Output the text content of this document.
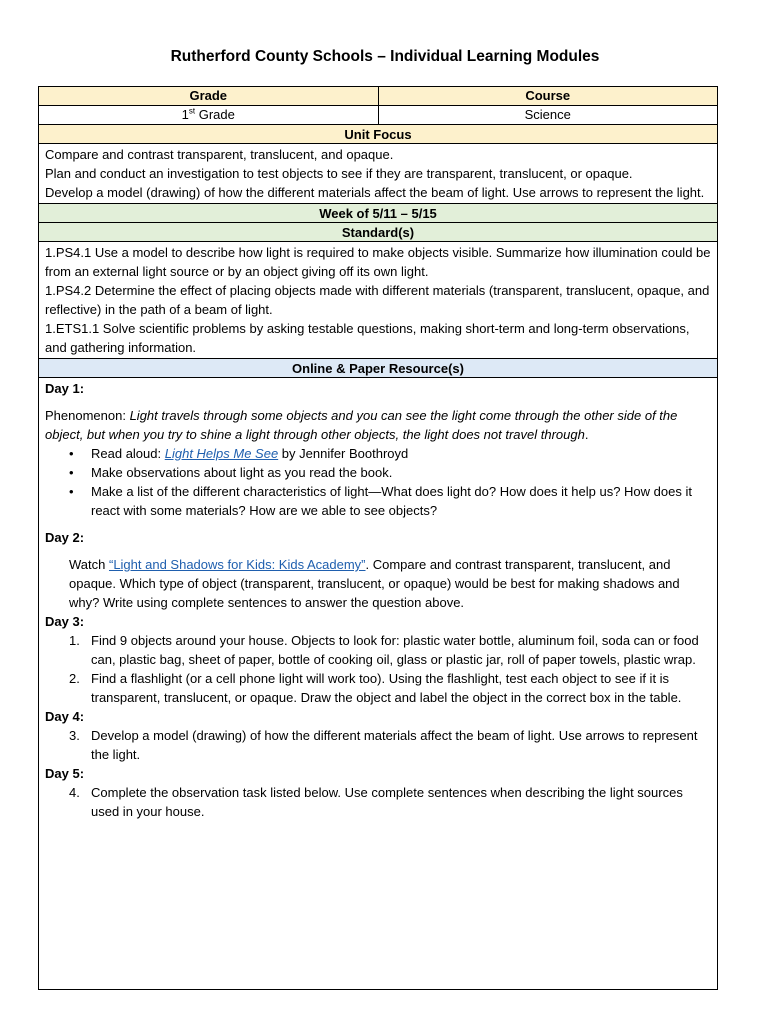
Rutherford County Schools – Individual Learning Modules
Grade	Course
1st Grade	Science
Unit Focus

Compare and contrast transparent, translucent, and opaque.

Plan and conduct an investigation to test objects to see if they are transparent, translucent, or opaque.

Develop a model (drawing) of how the different materials affect the beam of light. Use arrows to represent the light.

Week of 5/11 – 5/15
Standard(s)

1.PS4.1 Use a model to describe how light is required to make objects visible. Summarize how illumination could be from an external light source or by an object giving off its own light.

1.PS4.2 Determine the effect of placing objects made with different materials (transparent, translucent, opaque, and reflective) in the path of a beam of light.

1.ETS1.1 Solve scientific problems by asking testable questions, making short-term and long-term observations, and gathering information.

Online & Paper Resource(s)
Day 1:

Phenomenon: Light travels through some objects and you can see the light come through the other side of the object, but when you try to shine a light through other objects, the light does not travel through.

• Read aloud: Light Helps Me See by Jennifer Boothroyd
• Make observations about light as you read the book.
• Make a list of the different characteristics of light—What does light do? How does it help us? How does it react with some materials? How are we able to see objects?
Day 2:

Watch “Light and Shadows for Kids: Kids Academy”. Compare and contrast transparent, translucent, and opaque. Which type of object (transparent, translucent, or opaque) would be best for making shadows and why? Write using complete sentences to answer the question above.

Day 3:
1. Find 9 objects around your house. Objects to look for: plastic water bottle, aluminum foil, soda can or food can, plastic bag, sheet of paper, bottle of cooking oil, glass or plastic jar, roll of paper towels, plastic wrap.
2. Find a flashlight (or a cell phone light will work too). Using the flashlight, test each object to see if it is transparent, translucent, or opaque. Draw the object and label the object in the correct box in the table.
Day 4:
3. Develop a model (drawing) of how the different materials affect the beam of light. Use arrows to represent the light.
Day 5:
4. Complete the observation task listed below. Use complete sentences when describing the light sources used in your house.
